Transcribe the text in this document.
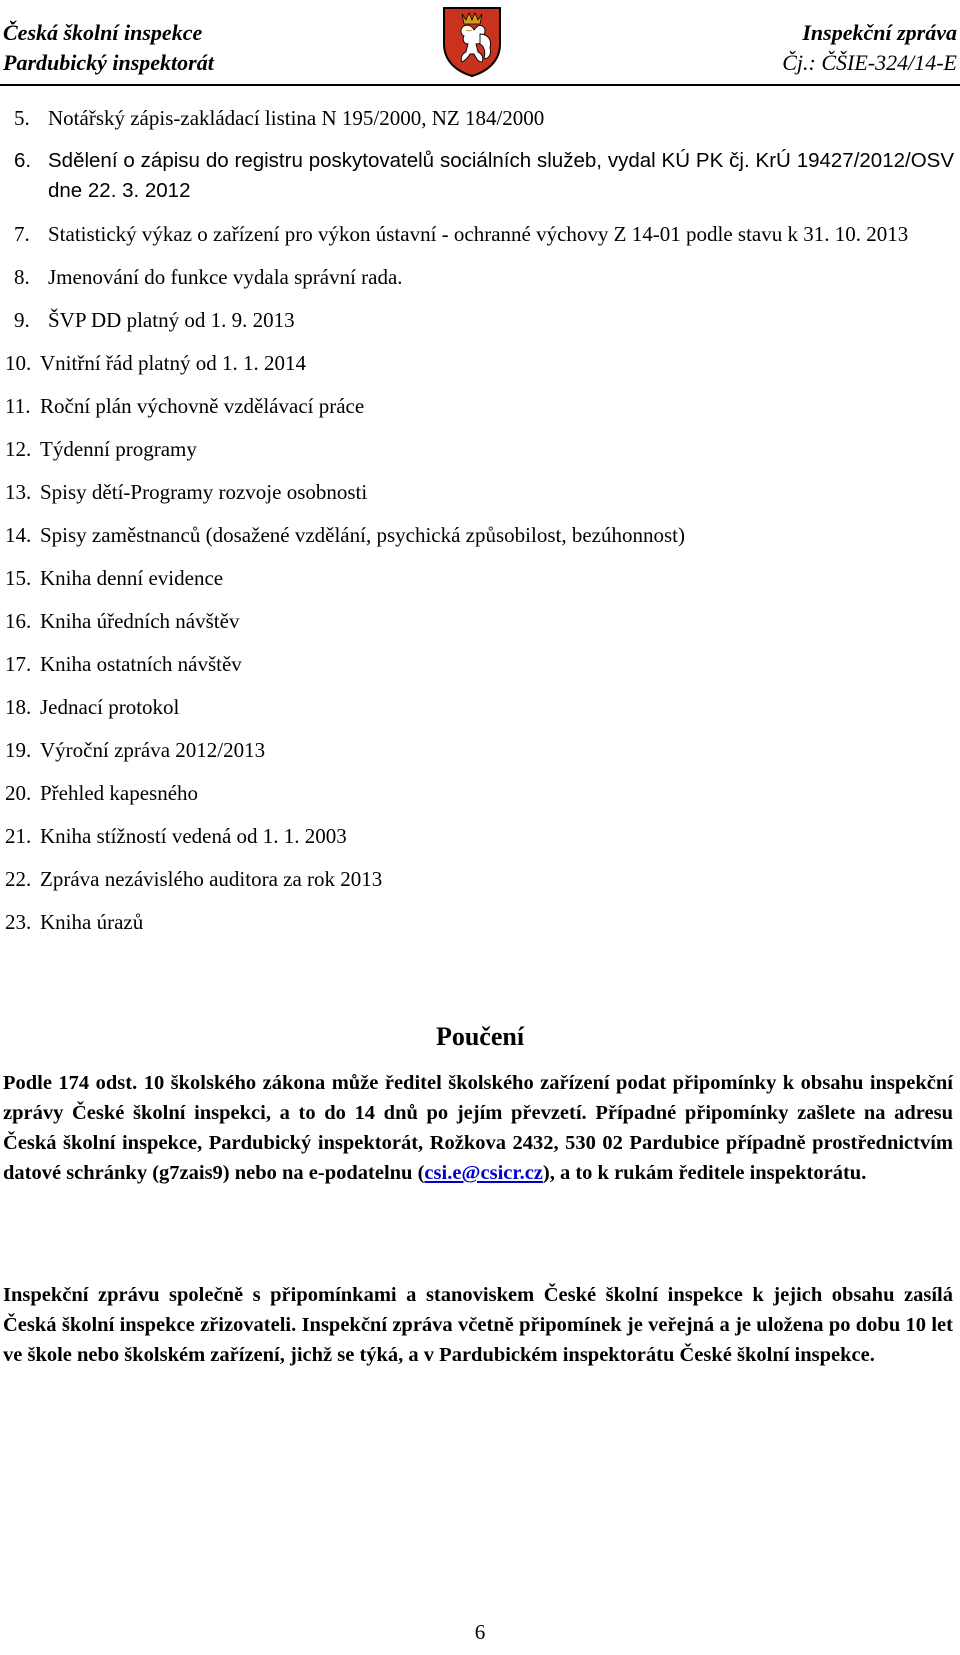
Česká školní inspekce
Pardubický inspektorát
Inspekční zpráva
Čj.: ČŠIE-324/14-E
5. Notářský zápis-zakládací listina N 195/2000, NZ 184/2000
6. Sdělení o zápisu do registru poskytovatelů sociálních služeb, vydal KÚ PK čj. KrÚ 19427/2012/OSV dne 22. 3. 2012
7. Statistický výkaz o zařízení pro výkon ústavní - ochranné výchovy Z 14-01 podle stavu k 31. 10. 2013
8. Jmenování do funkce vydala správní rada.
9. ŠVP DD platný od 1. 9. 2013
10. Vnitřní řád platný od 1. 1. 2014
11. Roční plán výchovně vzdělávací práce
12. Týdenní programy
13. Spisy dětí-Programy rozvoje osobnosti
14. Spisy zaměstnanců (dosažené vzdělání, psychická způsobilost, bezúhonnost)
15. Kniha denní evidence
16. Kniha úředních návštěv
17. Kniha ostatních návštěv
18. Jednací protokol
19. Výroční zpráva 2012/2013
20. Přehled kapesného
21. Kniha stížností vedená od 1. 1. 2003
22. Zpráva nezávislého auditora za rok 2013
23. Kniha úrazů
Poučení

Podle 174 odst. 10 školského zákona může ředitel školského zařízení podat připomínky k obsahu inspekční zprávy České školní inspekci, a to do 14 dnů po jejím převzetí. Případné připomínky zašlete na adresu Česká školní inspekce, Pardubický inspektorát, Rožkova 2432, 530 02 Pardubice případně prostřednictvím datové schránky (g7zais9) nebo na e-podatelnu (csi.e@csicr.cz), a to k rukám ředitele inspektorátu.

Inspekční zprávu společně s připomínkami a stanoviskem České školní inspekce k jejich obsahu zasílá Česká školní inspekce zřizovateli. Inspekční zpráva včetně připomínek je veřejná a je uložena po dobu 10 let ve škole nebo školském zařízení, jichž se týká, a v Pardubickém inspektorátu České školní inspekce.

6
